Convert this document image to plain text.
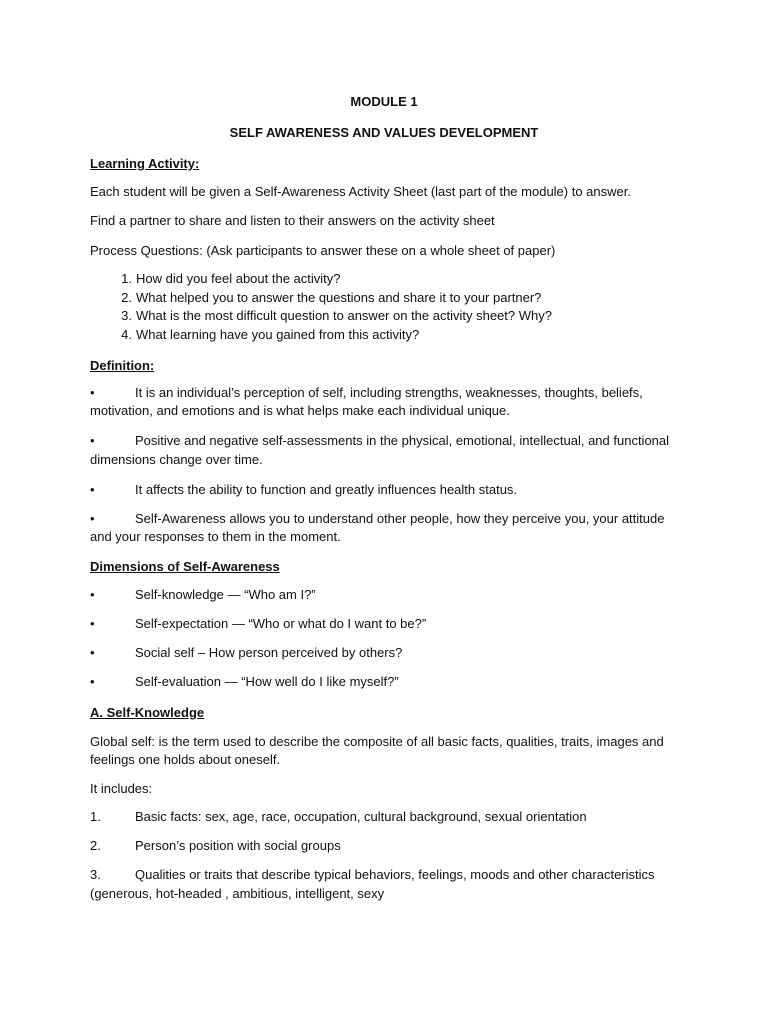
MODULE 1
SELF AWARENESS AND VALUES DEVELOPMENT
Learning Activity:
Each student will be given a Self-Awareness Activity Sheet (last part of the module) to answer.
Find a partner to share and listen to their answers on the activity sheet
Process Questions: (Ask participants to answer these on a whole sheet of paper)
1. How did you feel about the activity?
2. What helped you to answer the questions and share it to your partner?
3. What is the most difficult question to answer on the activity sheet? Why?
4. What learning have you gained from this activity?
Definition:
•	It is an individual’s perception of self, including strengths, weaknesses, thoughts, beliefs,
motivation, and emotions and is what helps make each individual unique.
•	Positive and negative self-assessments in the physical, emotional, intellectual, and functional
dimensions change over time.
•	It affects the ability to function and greatly influences health status.
•	Self-Awareness allows you to understand other people, how they perceive you, your attitude
and your responses to them in the moment.
Dimensions of Self-Awareness
•	Self-knowledge — “Who am I?”
•	Self-expectation — “Who or what do I want to be?”
•	Social self – How person perceived by others?
•	Self-evaluation — “How well do I like myself?”
A. Self-Knowledge
Global self: is the term used to describe the composite of all basic facts, qualities, traits, images and
feelings one holds about oneself.
It includes:
1.	Basic facts: sex, age, race, occupation, cultural background, sexual orientation
2.	Person’s position with social groups
3.	Qualities or traits that describe typical behaviors, feelings, moods and other characteristics
(generous, hot-headed , ambitious, intelligent, sexy
